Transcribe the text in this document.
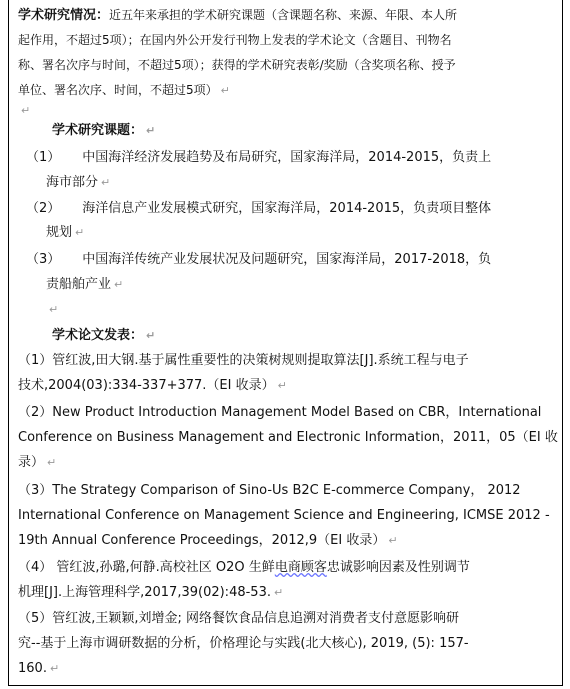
学术研究情况：近五年来承担的学术研究课题（含课题名称、来源、年限、本人所
起作用，不超过5项）；在国内外公开发行刊物上发表的学术论文（含题目、刊物名
称、署名次序与时间，不超过5项）；获得的学术研究表彰/奖励（含奖项名称、授予
单位、署名次序、时间，不超过5项） ↵
↵
学术研究课题： ↵
（1） 中国海洋经济发展趋势及布局研究，国家海洋局，2014-2015，负责上
海市部分 ↵
（2） 海洋信息产业发展模式研究，国家海洋局，2014-2015，负责项目整体
规划 ↵
（3） 中国海洋传统产业发展状况及问题研究，国家海洋局，2017-2018，负
责船舶产业 ↵
↵
学术论文发表： ↵
（1）管红波,田大钢.基于属性重要性的决策树规则提取算法[J].系统工程与电子
技术,2004(03):334-337+377.（EI 收录） ↵
（2）New Product Introduction Management Model Based on CBR，International
Conference on Business Management and Electronic Information，2011，05（EI 收
录） ↵
（3）The Strategy Comparison of Sino-Us B2C E-commerce Company， 2012
International Conference on Management Science and Engineering, ICMSE 2012 -
19th Annual Conference Proceedings，2012,9（EI 收录） ↵
（4） 管红波,孙璐,何静.高校社区 O2O 生鲜电商顾客忠诚影响因素及性别调节
机理[J].上海管理科学,2017,39(02):48-53. ↵
（5）管红波,王颖颖,刘增金; 网络餐饮食品信息追溯对消费者支付意愿影响研
究--基于上海市调研数据的分析，价格理论与实践(北大核心), 2019, (5): 157-
160. ↵
